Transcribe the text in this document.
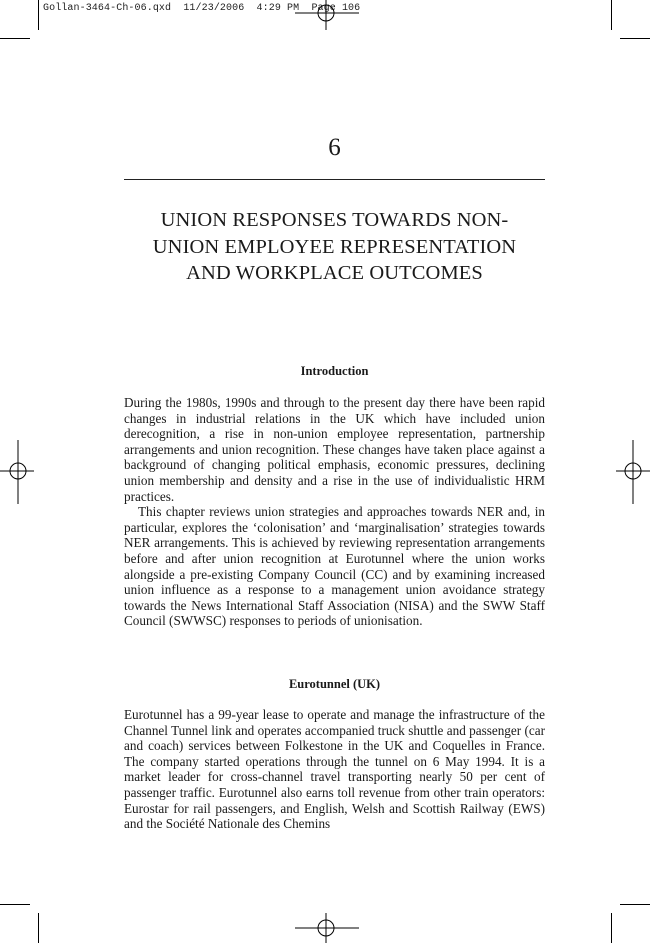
Gollan-3464-Ch-06.qxd  11/23/2006  4:29 PM  Page 106
6
UNION RESPONSES TOWARDS NON-
UNION EMPLOYEE REPRESENTATION
AND WORKPLACE OUTCOMES
Introduction

During the 1980s, 1990s and through to the present day there have been rapid changes in industrial relations in the UK which have included union derecognition, a rise in non-union employee representation, partnership arrangements and union recognition. These changes have taken place against a background of changing political emphasis, economic pressures, declining union membership and density and a rise in the use of individualistic HRM practices.

This chapter reviews union strategies and approaches towards NER and, in particular, explores the ‘colonisation’ and ‘marginalisation’ strategies towards NER arrangements. This is achieved by reviewing representation arrangements before and after union recognition at Eurotunnel where the union works alongside a pre-existing Company Council (CC) and by examining increased union influence as a response to a management union avoidance strategy towards the News International Staff Association (NISA) and the SWW Staff Council (SWWSC) responses to periods of unionisation.

Eurotunnel (UK)

Eurotunnel has a 99-year lease to operate and manage the infrastructure of the Channel Tunnel link and operates accompanied truck shuttle and passenger (car and coach) services between Folkestone in the UK and Coquelles in France. The company started operations through the tunnel on 6 May 1994. It is a market leader for cross-channel travel transporting nearly 50 per cent of passenger traffic. Eurotunnel also earns toll revenue from other train operators: Eurostar for rail passengers, and English, Welsh and Scottish Railway (EWS) and the Société Nationale des Chemins
